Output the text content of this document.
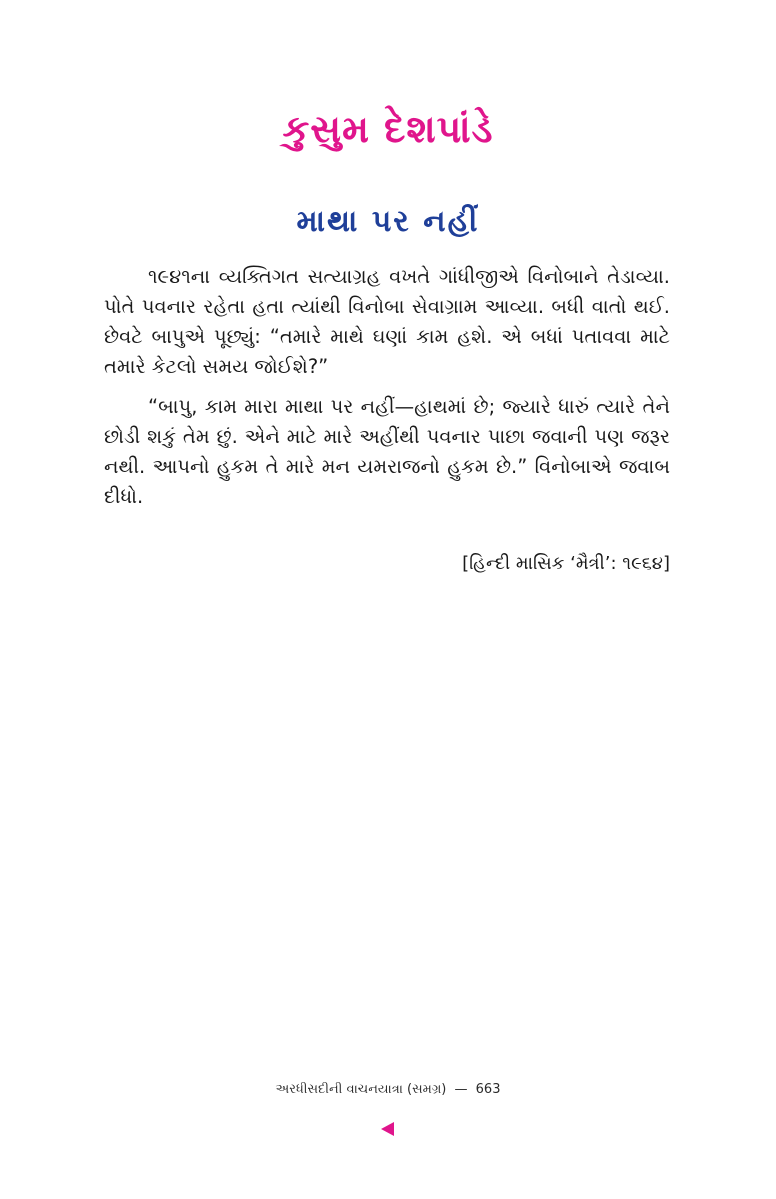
કુસુમ દેશપાંડે
માથા પર નહીં

૧૯૪૧ના વ્યક્તિગત સત્યાગ્રહ વખતે ગાંધીજીએ વિનોબાને તેડાવ્યા. પોતે પવનાર રહેતા હતા ત્યાંથી વિનોબા સેવાગ્રામ આવ્યા. બધી વાતો થઈ. છેવટે બાપુએ પૂછ્યું: “તમારે માથે ઘણાં કામ હશે. એ બધાં પતાવવા માટે તમારે કેટલો સમય જોઈશે?”

“બાપુ, કામ મારા માથા પર નહીં—હાથમાં છે; જ્યારે ધારું ત્યારે તેને છોડી શકું તેમ છું. એને માટે મારે અહીંથી પવનાર પાછા જવાની પણ જરૂર નથી. આપનો હુકમ તે મારે મન યમરાજનો હુકમ છે.” વિનોબાએ જવાબ દીધો.

[હિન્દી માસિક ‘મૈત્રી’: ૧૯૬૪]
અરધીસદીની વાચનયાત્રા (સમગ્ર) — 663
